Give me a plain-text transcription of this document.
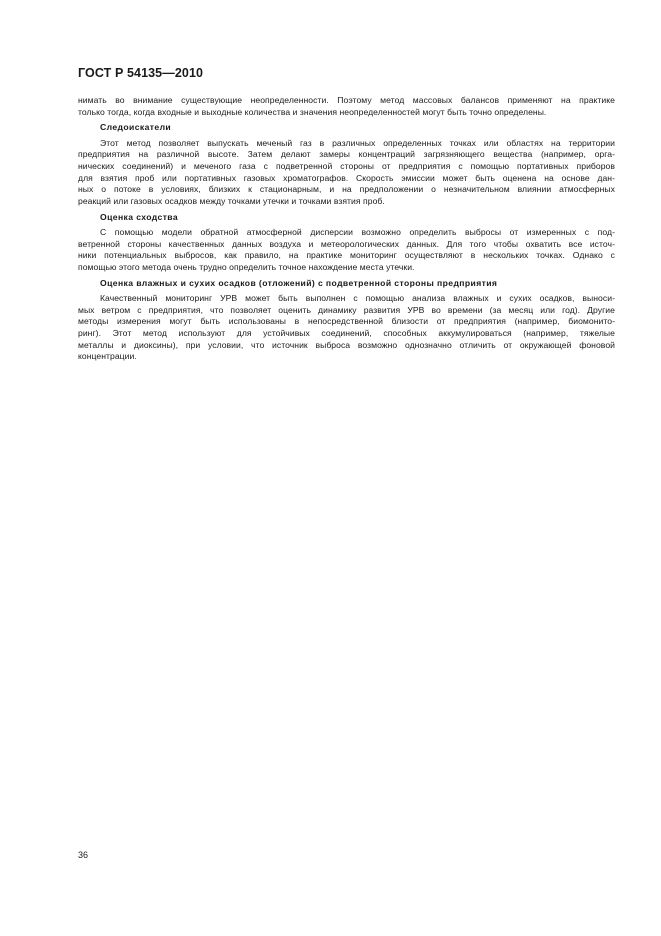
ГОСТ Р 54135—2010
нимать во внимание существующие неопределенности. Поэтому метод массовых балансов применяют на практике
только тогда, когда входные и выходные количества и значения неопределенностей могут быть точно определены.
Следоискатели
Этот метод позволяет выпускать меченый газ в различных определенных точках или областях на территории
предприятия на различной высоте. Затем делают замеры концентраций загрязняющего вещества (например, орга-
нических соединений) и меченого газа с подветренной стороны от предприятия с помощью портативных приборов
для взятия проб или портативных газовых хроматографов. Скорость эмиссии может быть оценена на основе дан-
ных о потоке в условиях, близких к стационарным, и на предположении о незначительном влиянии атмосферных
реакций или газовых осадков между точками утечки и точками взятия проб.
Оценка сходства
С помощью модели обратной атмосферной дисперсии возможно определить выбросы от измеренных с под-
ветренной стороны качественных данных воздуха и метеорологических данных. Для того чтобы охватить все источ-
ники потенциальных выбросов, как правило, на практике мониторинг осуществляют в нескольких точках. Однако с
помощью этого метода очень трудно определить точное нахождение места утечки.
Оценка влажных и сухих осадков (отложений) с подветренной стороны предприятия
Качественный мониторинг УРВ может быть выполнен с помощью анализа влажных и сухих осадков, выноси-
мых ветром с предприятия, что позволяет оценить динамику развития УРВ во времени (за месяц или год). Другие
методы измерения могут быть использованы в непосредственной близости от предприятия (например, биомонито-
ринг). Этот метод используют для устойчивых соединений, способных аккумулироваться (например, тяжелые
металлы и диоксины), при условии, что источник выброса возможно однозначно отличить от окружающей фоновой
концентрации.
36
